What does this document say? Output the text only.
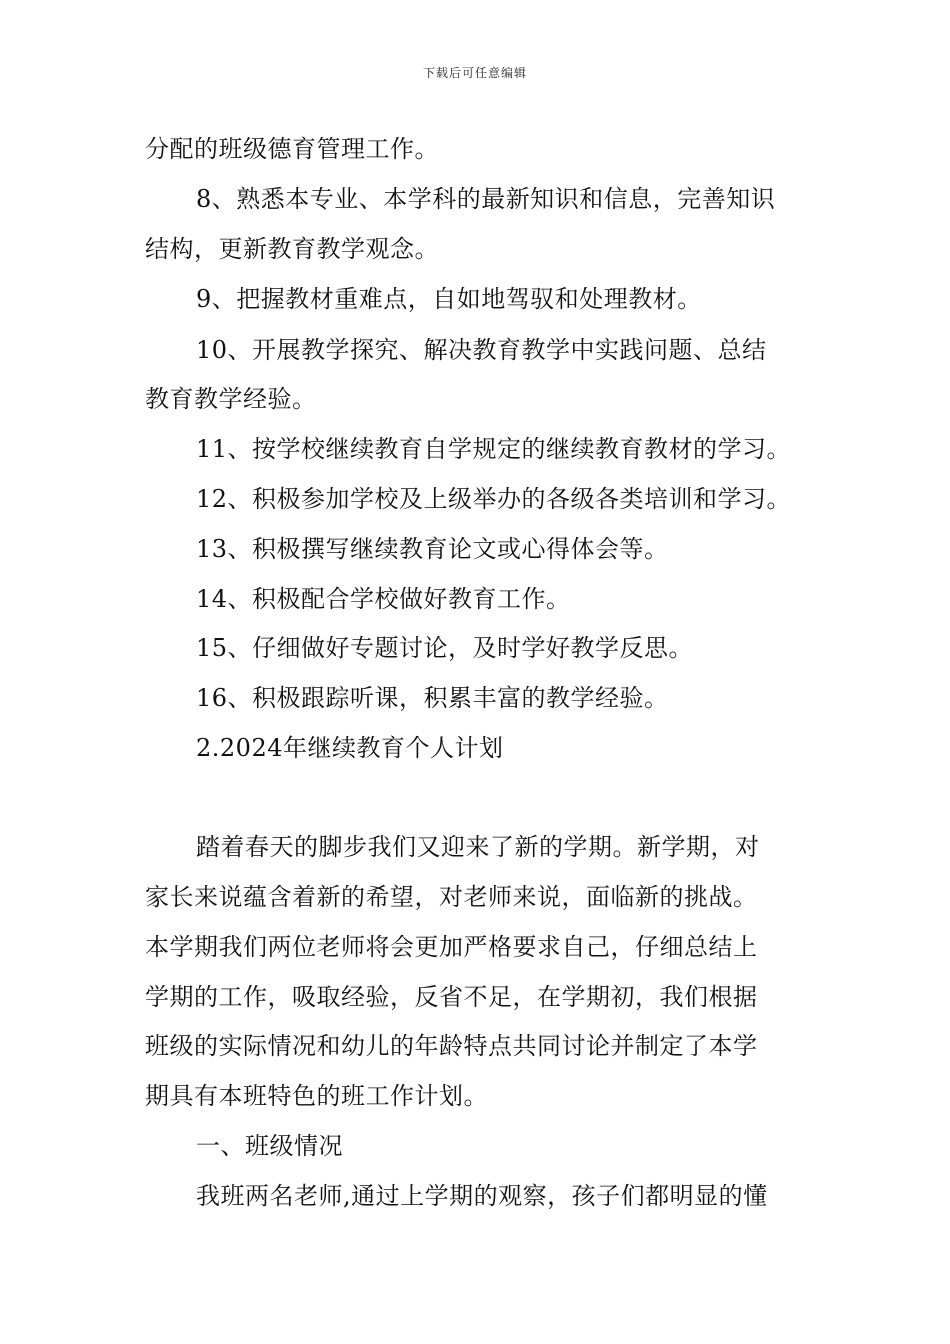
下载后可任意编辑
分配的班级德育管理工作。
8、熟悉本专业、本学科的最新知识和信息，完善知识
结构，更新教育教学观念。
9、把握教材重难点，自如地驾驭和处理教材。
10、开展教学探究、解决教育教学中实践问题、总结
教育教学经验。
11、按学校继续教育自学规定的继续教育教材的学习。
12、积极参加学校及上级举办的各级各类培训和学习。
13、积极撰写继续教育论文或心得体会等。
14、积极配合学校做好教育工作。
15、仔细做好专题讨论，及时学好教学反思。
16、积极跟踪听课，积累丰富的教学经验。
2.2024年继续教育个人计划
踏着春天的脚步我们又迎来了新的学期。新学期，对
家长来说蕴含着新的希望，对老师来说，面临新的挑战。
本学期我们两位老师将会更加严格要求自己，仔细总结上
学期的工作，吸取经验，反省不足，在学期初，我们根据
班级的实际情况和幼儿的年龄特点共同讨论并制定了本学
期具有本班特色的班工作计划。
一、班级情况
我班两名老师,通过上学期的观察，孩子们都明显的懂
